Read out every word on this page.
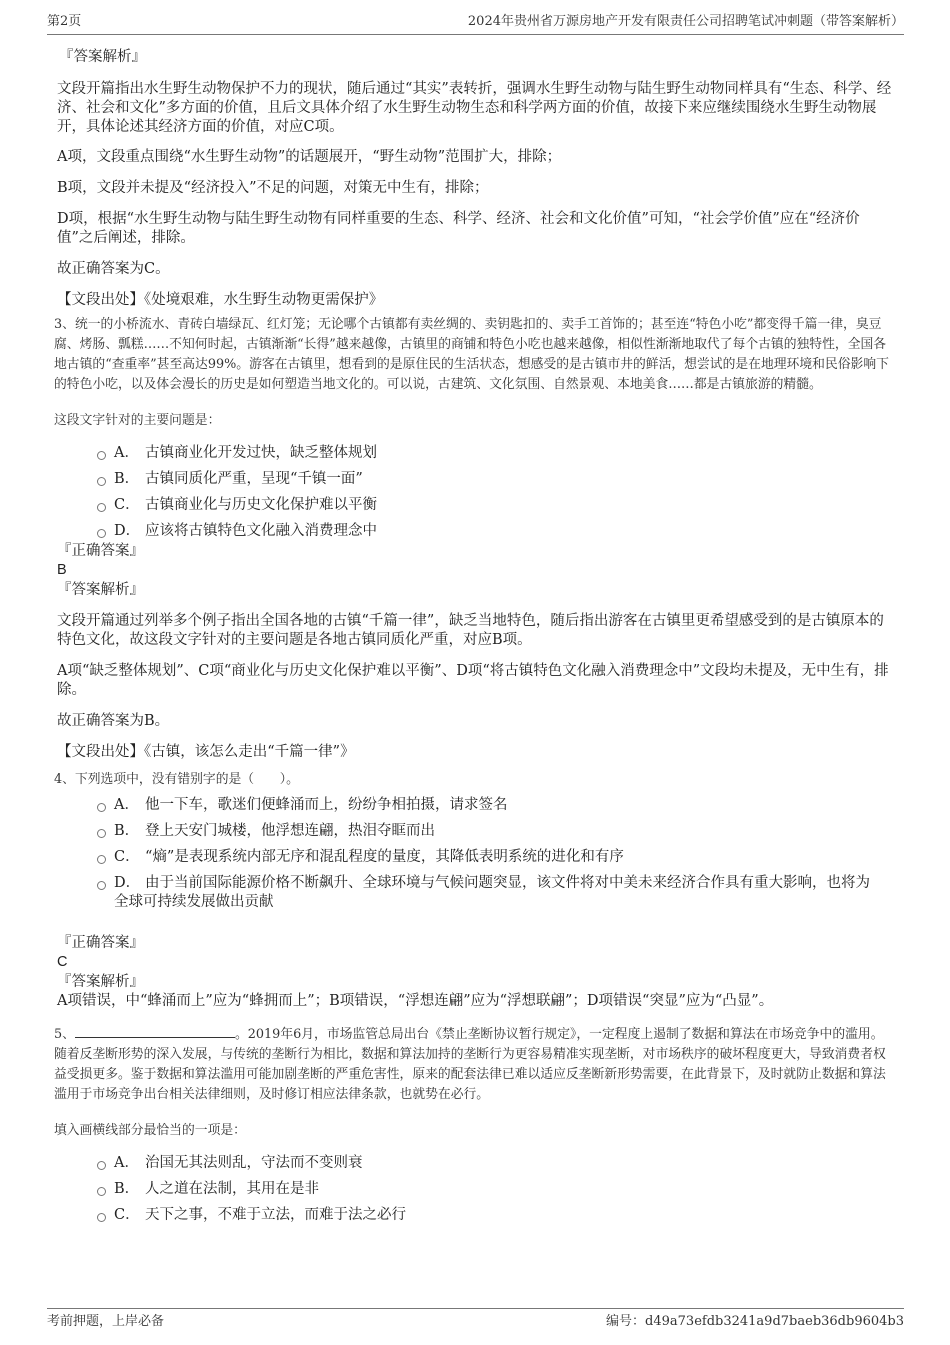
第2页	2024年贵州省万源房地产开发有限责任公司招聘笔试冲刺题（带答案解析）
『答案解析』

文段开篇指出水生野生动物保护不力的现状，随后通过“其实”表转折，强调水生野生动物与陆生野生动物同样具有“生态、科学、经济、社会和文化”多方面的价值，且后文具体介绍了水生野生动物生态和科学两方面的价值，故接下来应继续围绕水生野生动物展开，具体论述其经济方面的价值，对应C项。

A项，文段重点围绕“水生野生动物”的话题展开，“野生动物”范围扩大，排除；

B项，文段并未提及“经济投入”不足的问题，对策无中生有，排除；

D项，根据“水生野生动物与陆生野生动物有同样重要的生态、科学、经济、社会和文化价值”可知，“社会学价值”应在“经济价值”之后阐述，排除。

故正确答案为C。

【文段出处】《处境艰难，水生野生动物更需保护》

3、统一的小桥流水、青砖白墙绿瓦、红灯笼；无论哪个古镇都有卖丝绸的、卖钥匙扣的、卖手工首饰的；甚至连“特色小吃”都变得千篇一律，臭豆腐、烤肠、瓢糕……不知何时起，古镇渐渐“长得”越来越像，古镇里的商铺和特色小吃也越来越像，相似性渐渐地取代了每个古镇的独特性，全国各地古镇的“查重率”甚至高达99%。游客在古镇里，想看到的是原住民的生活状态，想感受的是古镇市井的鲜活，想尝试的是在地理环境和民俗影响下的特色小吃，以及体会漫长的历史是如何塑造当地文化的。可以说，古建筑、文化氛围、自然景观、本地美食……都是古镇旅游的精髓。

这段文字针对的主要问题是：

A． 古镇商业化开发过快，缺乏整体规划
B． 古镇同质化严重，呈现“千镇一面”
C． 古镇商业化与历史文化保护难以平衡
D． 应该将古镇特色文化融入消费理念中
『正确答案』
B
『答案解析』

文段开篇通过列举多个例子指出全国各地的古镇“千篇一律”，缺乏当地特色，随后指出游客在古镇里更希望感受到的是古镇原本的特色文化，故这段文字针对的主要问题是各地古镇同质化严重，对应B项。

A项“缺乏整体规划”、C项“商业化与历史文化保护难以平衡”、D项“将古镇特色文化融入消费理念中”文段均未提及，无中生有，排除。

故正确答案为B。

【文段出处】《古镇，该怎么走出“千篇一律”》

4、下列选项中，没有错别字的是（　　）。

A． 他一下车，歌迷们便蜂涌而上，纷纷争相拍摄，请求签名
B． 登上天安门城楼，他浮想连翩，热泪夺眶而出
C． “熵”是表现系统内部无序和混乱程度的量度，其降低表明系统的进化和有序
D． 由于当前国际能源价格不断飙升、全球环境与气候问题突显，该文件将对中美未来经济合作具有重大影响，也将为全球可持续发展做出贡献
『正确答案』
C
『答案解析』

A项错误，中“蜂涌而上”应为“蜂拥而上”；B项错误，“浮想连翩”应为“浮想联翩”；D项错误“突显”应为“凸显”。

5、	。2019年6月，市场监管总局出台《禁止垄断协议暂行规定》，一定程度上遏制了数据和算法在市场竞争中的滥用。随着反垄断形势的深入发展，与传统的垄断行为相比，数据和算法加持的垄断行为更容易精准实现垄断，对市场秩序的破坏程度更大，导致消费者权益受损更多。鉴于数据和算法滥用可能加剧垄断的严重危害性，原来的配套法律已难以适应反垄断新形势需要，在此背景下，及时就防止数据和算法滥用于市场竞争出台相关法律细则，及时修订相应法律条款，也就势在必行。

填入画横线部分最恰当的一项是：

A． 治国无其法则乱，守法而不变则衰
B． 人之道在法制，其用在是非
C． 天下之事，不难于立法，而难于法之必行
考前押题，上岸必备	编号：d49a73efdb3241a9d7baeb36db9604b3
